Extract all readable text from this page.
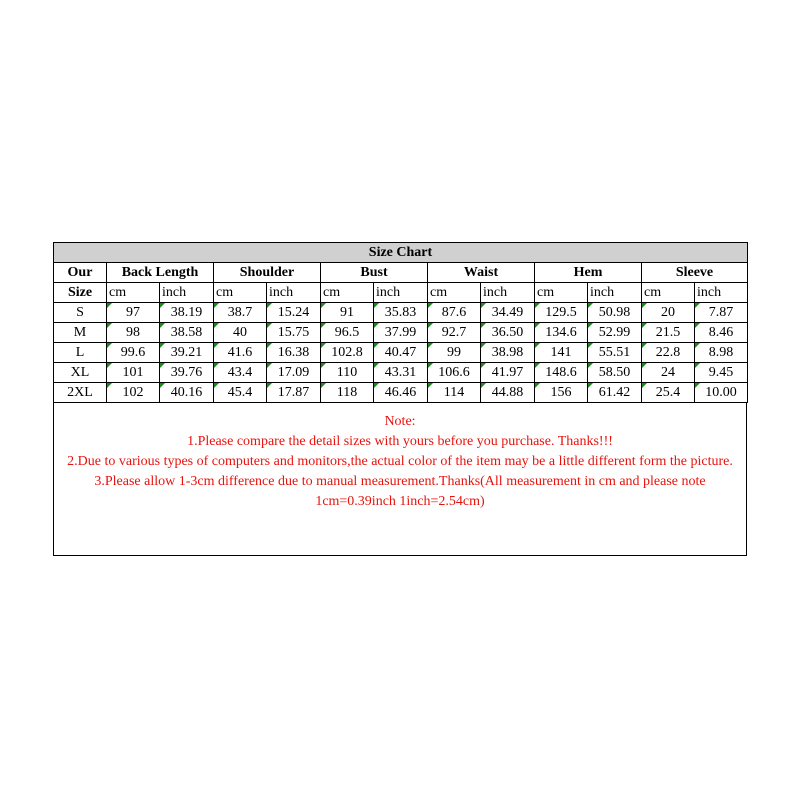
Size Chart												
Our	Back Length		Shoulder		Bust		Waist		Hem		Sleeve	
Size	cm	inch	cm	inch	cm	inch	cm	inch	cm	inch	cm	inch
S	97	38.19	38.7	15.24	91	35.83	87.6	34.49	129.5	50.98	20	7.87
M	98	38.58	40	15.75	96.5	37.99	92.7	36.50	134.6	52.99	21.5	8.46
L	99.6	39.21	41.6	16.38	102.8	40.47	99	38.98	141	55.51	22.8	8.98
XL	101	39.76	43.4	17.09	110	43.31	106.6	41.97	148.6	58.50	24	9.45
2XL	102	40.16	45.4	17.87	118	46.46	114	44.88	156	61.42	25.4	10.00
Note:
1.Please compare the detail sizes with yours before you purchase. Thanks!!!
2.Due to various types of computers and monitors,the actual color of the item may be a little different form the picture.
3.Please allow 1-3cm difference due to manual measurement.Thanks(All measurement in cm and please note 1cm=0.39inch 1inch=2.54cm)
